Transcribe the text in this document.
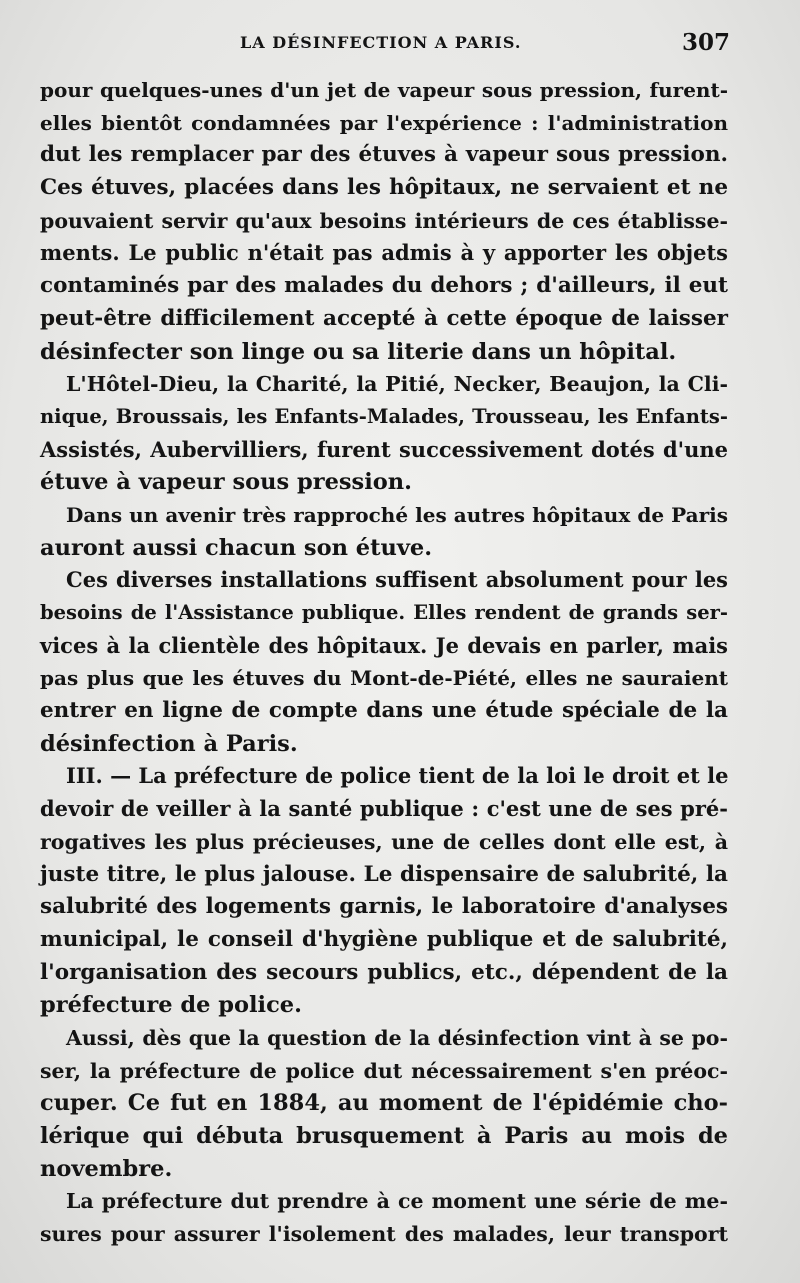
LA DÉSINFECTION A PARIS.	307
pour quelques-unes d'un jet de vapeur sous pression, furent-
elles bientôt condamnées par l'expérience : l'administration
dut les remplacer par des étuves à vapeur sous pression.
Ces étuves, placées dans les hôpitaux, ne servaient et ne
pouvaient servir qu'aux besoins intérieurs de ces établisse-
ments. Le public n'était pas admis à y apporter les objets
contaminés par des malades du dehors ; d'ailleurs, il eut
peut-être difficilement accepté à cette époque de laisser
désinfecter son linge ou sa literie dans un hôpital.
L'Hôtel-Dieu, la Charité, la Pitié, Necker, Beaujon, la Cli-
nique, Broussais, les Enfants-Malades, Trousseau, les Enfants-
Assistés, Aubervilliers, furent successivement dotés d'une
étuve à vapeur sous pression.
Dans un avenir très rapproché les autres hôpitaux de Paris
auront aussi chacun son étuve.
Ces diverses installations suffisent absolument pour les
besoins de l'Assistance publique. Elles rendent de grands ser-
vices à la clientèle des hôpitaux. Je devais en parler, mais
pas plus que les étuves du Mont-de-Piété, elles ne sauraient
entrer en ligne de compte dans une étude spéciale de la
désinfection à Paris.
III. — La préfecture de police tient de la loi le droit et le
devoir de veiller à la santé publique : c'est une de ses pré-
rogatives les plus précieuses, une de celles dont elle est, à
juste titre, le plus jalouse. Le dispensaire de salubrité, la
salubrité des logements garnis, le laboratoire d'analyses
municipal, le conseil d'hygiène publique et de salubrité,
l'organisation des secours publics, etc., dépendent de la
préfecture de police.
Aussi, dès que la question de la désinfection vint à se po-
ser, la préfecture de police dut nécessairement s'en préoc-
cuper. Ce fut en 1884, au moment de l'épidémie cho-
lérique qui débuta brusquement à Paris au mois de
novembre.
La préfecture dut prendre à ce moment une série de me-
sures pour assurer l'isolement des malades, leur transport
